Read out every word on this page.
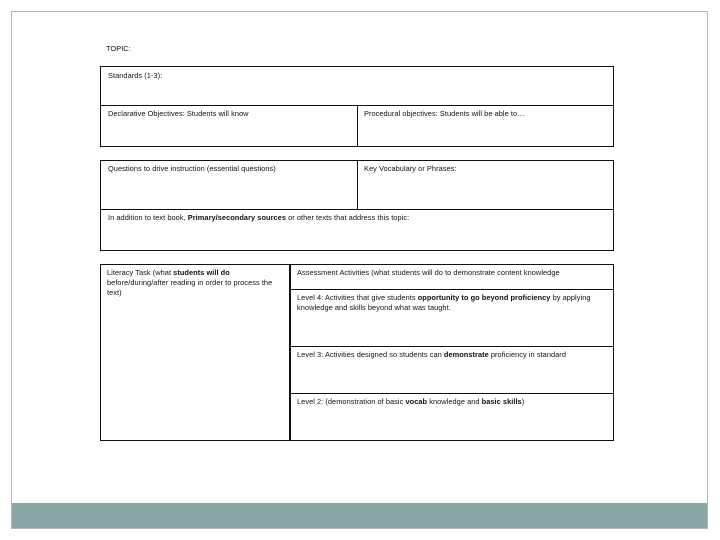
TOPIC:
Standards (1-3):
Declarative Objectives: Students will know	Procedural objectives: Students will be able to…
Questions to drive instruction (essential questions)	Key Vocabulary or Phrases:
In addition to text book, Primary/secondary sources or other texts that address this topic:
Literacy Task (what students will do before/during/after reading in order to process the text)
Assessment Activities (what students will do to demonstrate content knowledge
Level 4: Activities that give students opportunity to go beyond proficiency by applying knowledge and skills beyond what was taught.
Level 3: Activities designed so students can demonstrate proficiency in standard
Level 2: (demonstration of basic vocab knowledge and basic skills)
